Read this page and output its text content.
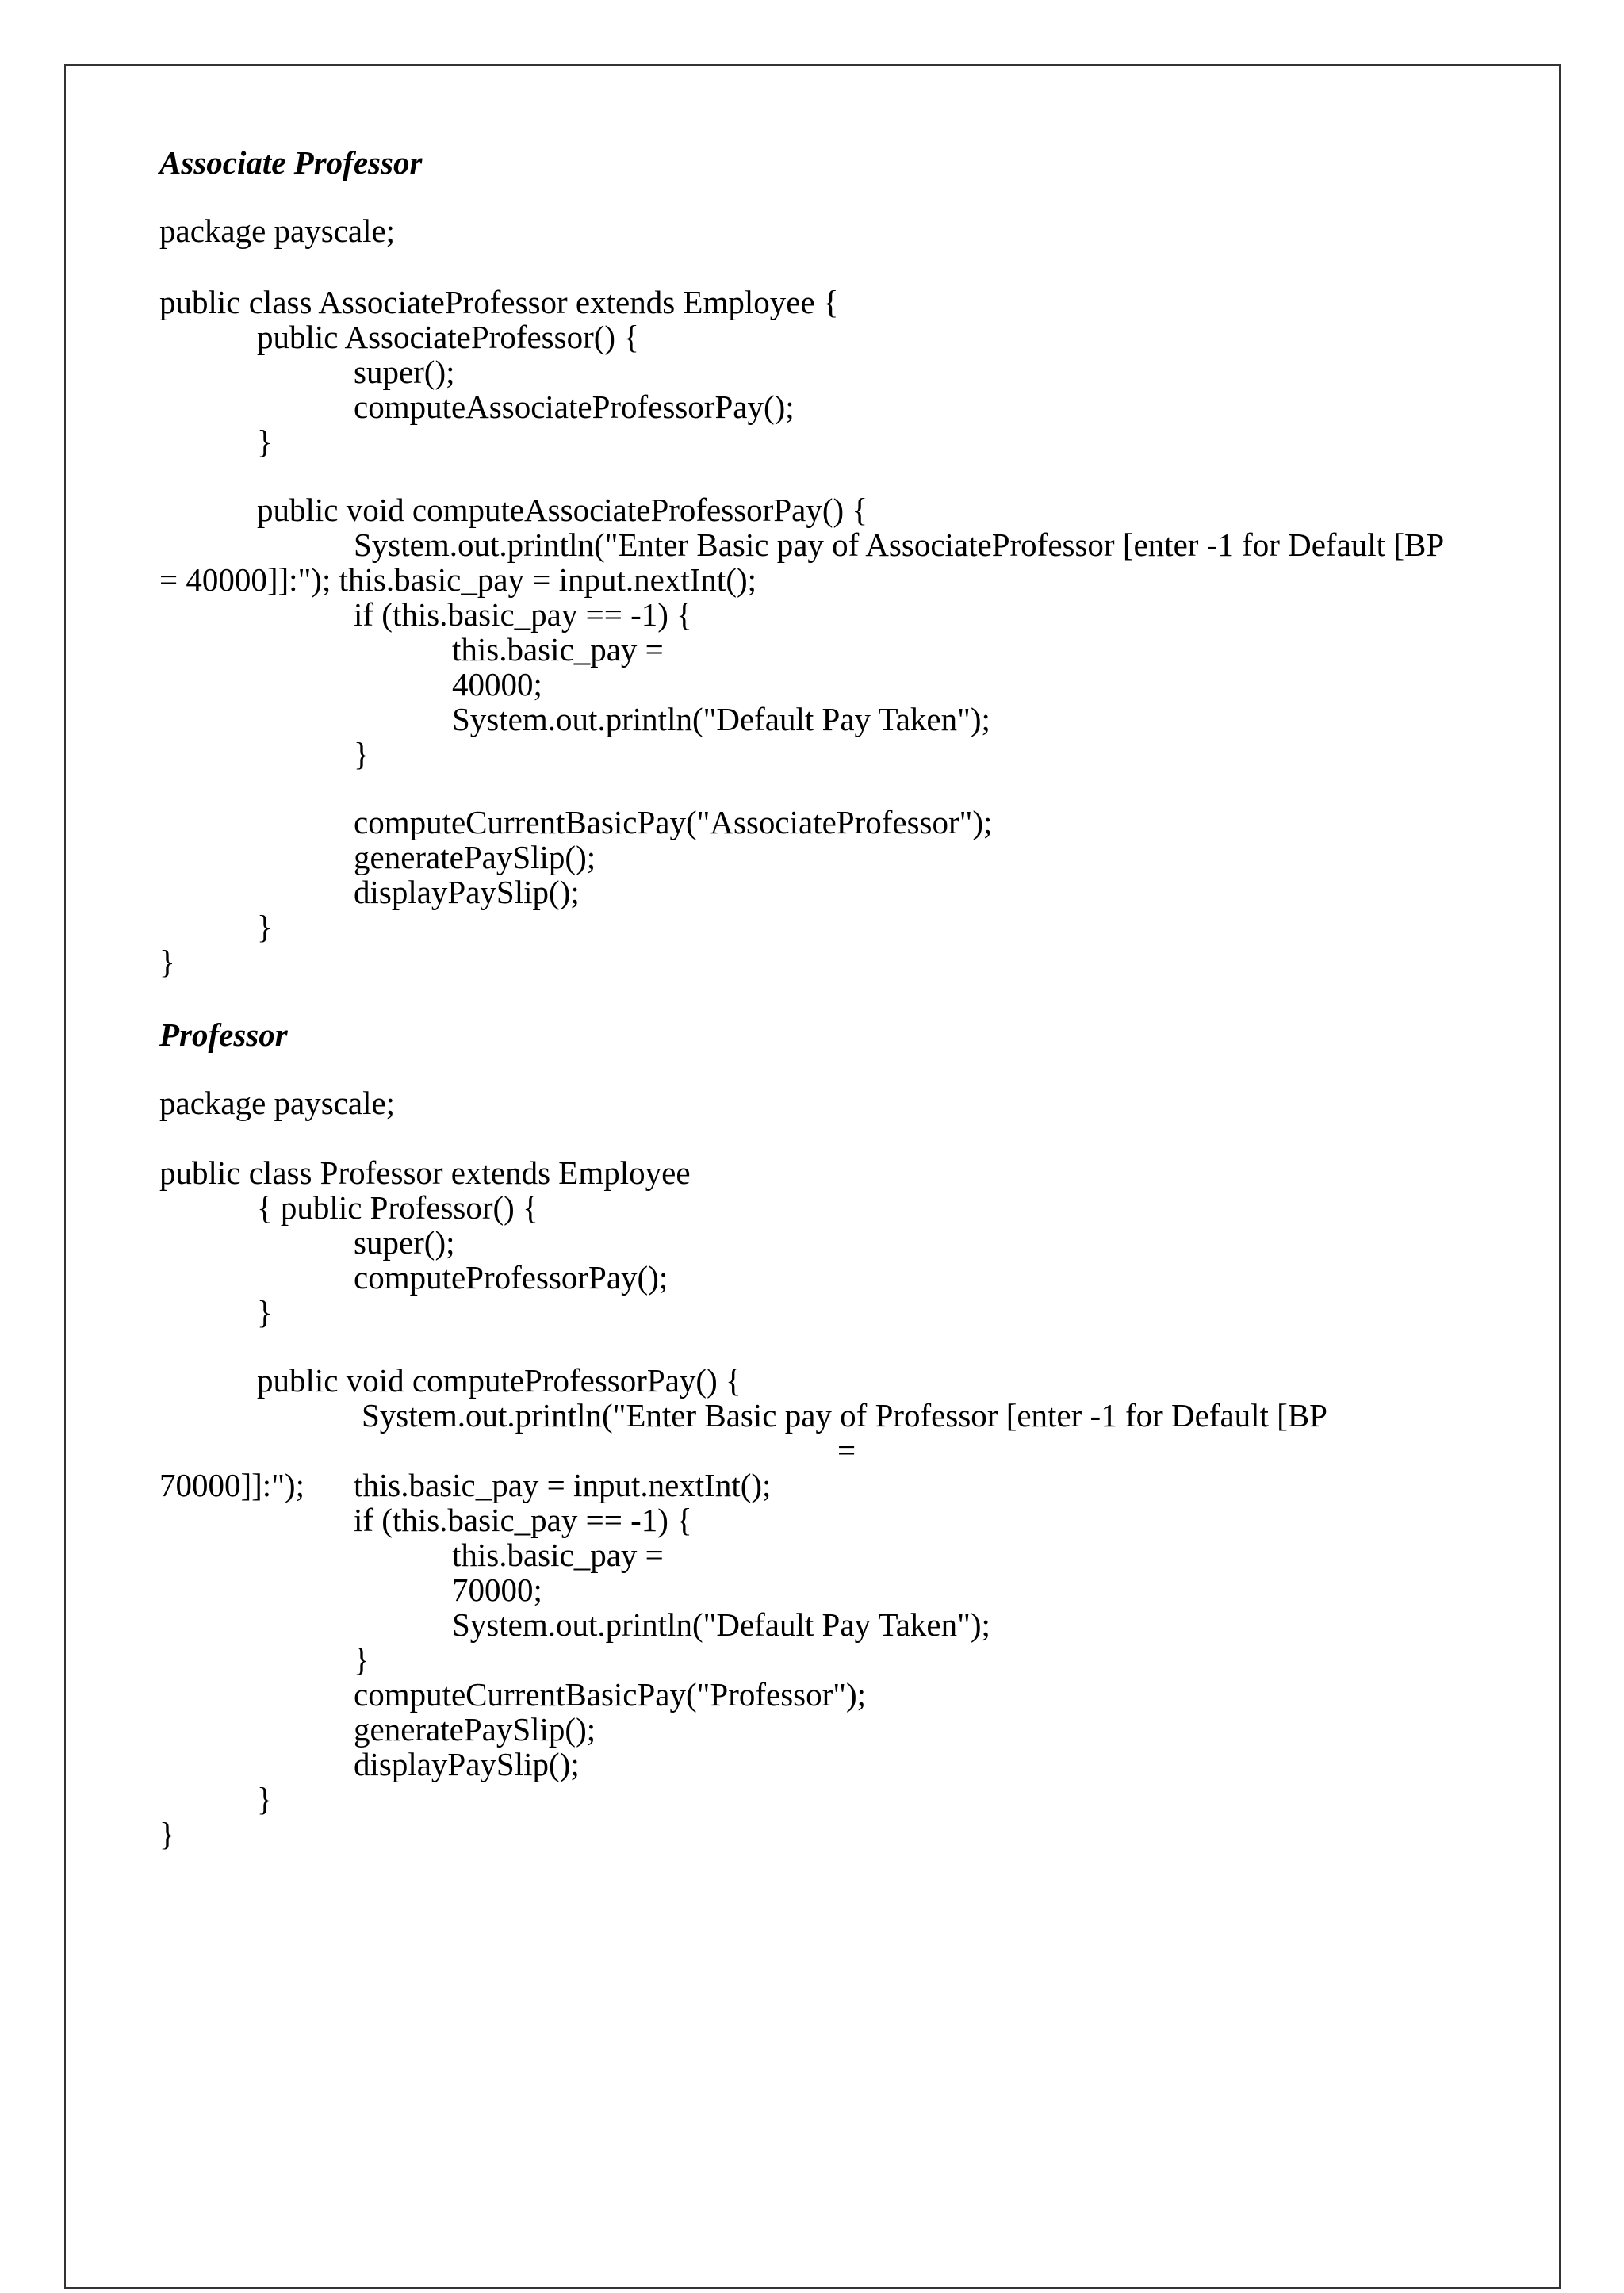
Associate Professor
package payscale;
public class AssociateProfessor extends Employee {
public AssociateProfessor() {
super();
computeAssociateProfessorPay();
}
public void computeAssociateProfessorPay() {
System.out.println("Enter Basic pay of AssociateProfessor [enter -1 for Default [BP
= 40000]]:"); this.basic_pay = input.nextInt();
if (this.basic_pay == -1) {
this.basic_pay =
40000;
System.out.println("Default Pay Taken");
}
computeCurrentBasicPay("AssociateProfessor");
generatePaySlip();
displayPaySlip();
}
}
Professor
package payscale;
public class Professor extends Employee
{ public Professor() {
super();
computeProfessorPay();
}
public void computeProfessorPay() {
System.out.println("Enter Basic pay of Professor [enter -1 for Default [BP
=
70000]]:"); this.basic_pay = input.nextInt();
if (this.basic_pay == -1) {
this.basic_pay =
70000;
System.out.println("Default Pay Taken");
}
computeCurrentBasicPay("Professor");
generatePaySlip();
displayPaySlip();
}
}
